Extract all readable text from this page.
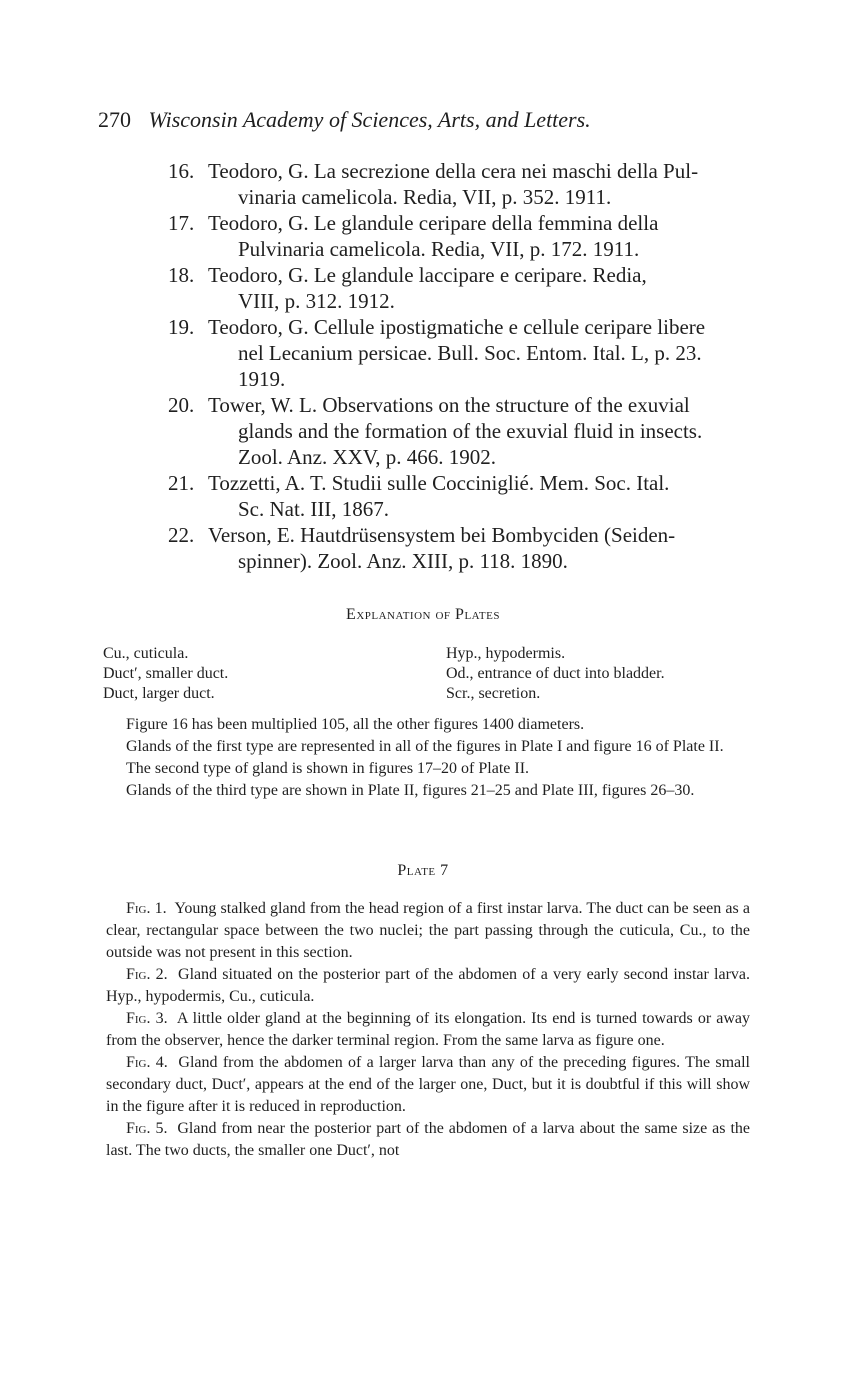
270 Wisconsin Academy of Sciences, Arts, and Letters.
16. Teodoro, G. La secrezione della cera nei maschi della Pul-
vinaria camelicola. Redia, VII, p. 352. 1911.
17. Teodoro, G. Le glandule ceripare della femmina della
Pulvinaria camelicola. Redia, VII, p. 172. 1911.
18. Teodoro, G. Le glandule laccipare e ceripare. Redia,
VIII, p. 312. 1912.
19. Teodoro, G. Cellule ipostigmatiche e cellule ceripare libere
nel Lecanium persicae. Bull. Soc. Entom. Ital. L, p. 23.
1919.
20. Tower, W. L. Observations on the structure of the exuvial
glands and the formation of the exuvial fluid in insects.
Zool. Anz. XXV, p. 466. 1902.
21. Tozzetti, A. T. Studii sulle Cocciniglié. Mem. Soc. Ital.
Sc. Nat. III, 1867.
22. Verson, E. Hautdrüsensystem bei Bombyciden (Seiden-
spinner). Zool. Anz. XIII, p. 118. 1890.
Explanation of Plates
Cu., cuticula.
Duct′, smaller duct.
Duct, larger duct.
Hyp., hypodermis.
Od., entrance of duct into bladder.
Scr., secretion.

Figure 16 has been multiplied 105, all the other figures 1400 diameters.

Glands of the first type are represented in all of the figures in Plate I and figure 16 of Plate II.

The second type of gland is shown in figures 17–20 of Plate II.

Glands of the third type are shown in Plate II, figures 21–25 and Plate III, figures 26–30.

Plate 7

Fig. 1. Young stalked gland from the head region of a first instar larva. The duct can be seen as a clear, rectangular space between the two nuclei; the part passing through the cuticula, Cu., to the outside was not present in this section.

Fig. 2. Gland situated on the posterior part of the abdomen of a very early second instar larva. Hyp., hypodermis, Cu., cuticula.

Fig. 3. A little older gland at the beginning of its elongation. Its end is turned towards or away from the observer, hence the darker terminal region. From the same larva as figure one.

Fig. 4. Gland from the abdomen of a larger larva than any of the preceding figures. The small secondary duct, Duct′, appears at the end of the larger one, Duct, but it is doubtful if this will show in the figure after it is reduced in reproduction.

Fig. 5. Gland from near the posterior part of the abdomen of a larva about the same size as the last. The two ducts, the smaller one Duct′, not
